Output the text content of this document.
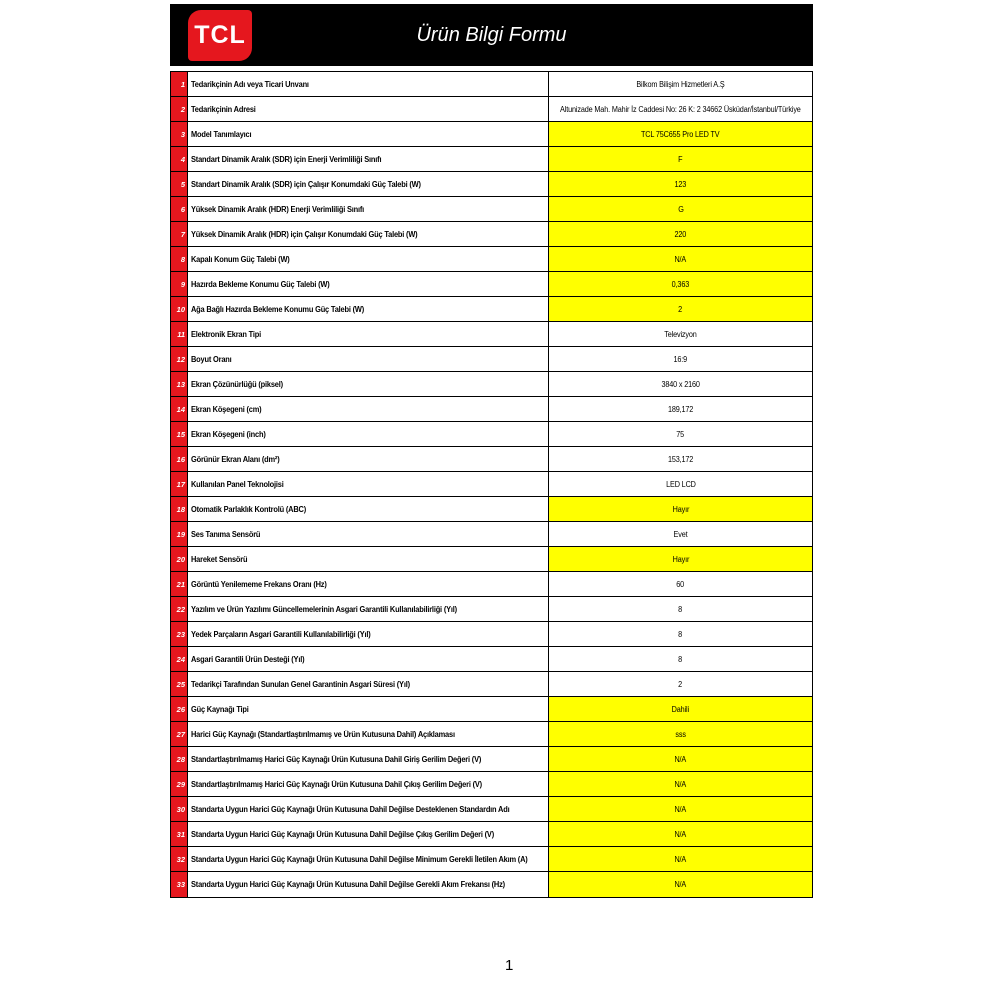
TCL	Ürün Bilgi Formu
1 Tedarikçinin Adı veya Ticari Unvanı	Bilkom Bilişim Hizmetleri A.Ş
2 Tedarikçinin Adresi	Altunizade Mah. Mahir İz Caddesi No: 26 K: 2 34662 Üsküdar/İstanbul/Türkiye
3 Model Tanımlayıcı	TCL 75C655 Pro LED TV
4 Standart Dinamik Aralık (SDR) için Enerji Verimliliği Sınıfı	F
5 Standart Dinamik Aralık (SDR) için Çalışır Konumdaki Güç Talebi (W)	123
6 Yüksek Dinamik Aralık (HDR) Enerji Verimliliği Sınıfı	G
7 Yüksek Dinamik Aralık (HDR) için Çalışır Konumdaki Güç Talebi (W)	220
8 Kapalı Konum Güç Talebi (W)	N/A
9 Hazırda Bekleme Konumu Güç Talebi (W)	0,363
10 Ağa Bağlı Hazırda Bekleme Konumu Güç Talebi (W)	2
11 Elektronik Ekran Tipi	Televizyon
12 Boyut Oranı	16:9
13 Ekran Çözünürlüğü (piksel)	3840 x 2160
14 Ekran Köşegeni (cm)	189,172
15 Ekran Köşegeni (inch)	75
16 Görünür Ekran Alanı (dm²)	153,172
17 Kullanılan Panel Teknolojisi	LED LCD
18 Otomatik Parlaklık Kontrolü (ABC)	Hayır
19 Ses Tanıma Sensörü	Evet
20 Hareket Sensörü	Hayır
21 Görüntü Yenilememe Frekans Oranı (Hz)	60
22 Yazılım ve Ürün Yazılımı Güncellemelerinin Asgari Garantili Kullanılabilirliği (Yıl)	8
23 Yedek Parçaların Asgari Garantili Kullanılabilirliği (Yıl)	8
24 Asgari Garantili Ürün Desteği (Yıl)	8
25 Tedarikçi Tarafından Sunulan Genel Garantinin Asgari Süresi (Yıl)	2
26 Güç Kaynağı Tipi	Dahili
27 Harici Güç Kaynağı (Standartlaştırılmamış ve Ürün Kutusuna Dahil) Açıklaması	sss
28 Standartlaştırılmamış Harici Güç Kaynağı Ürün Kutusuna Dahil Giriş Gerilim Değeri (V)	N/A
29 Standartlaştırılmamış Harici Güç Kaynağı Ürün Kutusuna Dahil Çıkış Gerilim Değeri (V)	N/A
30 Standarta Uygun Harici Güç Kaynağı Ürün Kutusuna Dahil Değilse Desteklenen Standardın Adı	N/A
31 Standarta Uygun Harici Güç Kaynağı Ürün Kutusuna Dahil Değilse Çıkış Gerilim Değeri (V)	N/A
32 Standarta Uygun Harici Güç Kaynağı Ürün Kutusuna Dahil Değilse Minimum Gerekli İletilen Akım (A)	N/A
33 Standarta Uygun Harici Güç Kaynağı Ürün Kutusuna Dahil Değilse Gerekli Akım Frekansı (Hz)	N/A
1
